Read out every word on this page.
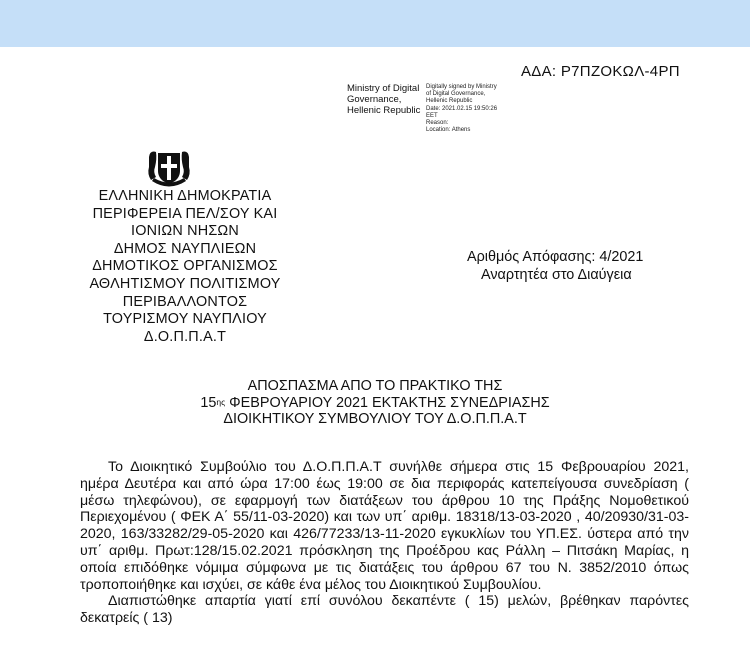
ΑΔΑ: Ρ7ΠΖΟΚΩΛ-4ΡΠ
Ministry of Digital
Governance,
Hellenic Republic
Digitally signed by Ministry
of Digital Governance,
Hellenic Republic
Date: 2021.02.15 19:50:26
EET
Reason:
Location: Athens
ΕΛΛΗΝΙΚΗ ΔΗΜΟΚΡΑΤΙΑ
ΠΕΡΙΦΕΡΕΙΑ ΠΕΛ/ΣΟΥ ΚΑΙ
ΙΟΝΙΩΝ ΝΗΣΩΝ
ΔΗΜΟΣ ΝΑΥΠΛΙΕΩΝ
ΔΗΜΟΤΙΚΟΣ ΟΡΓΑΝΙΣΜΟΣ
ΑΘΛΗΤΙΣΜΟΥ ΠΟΛΙΤΙΣΜΟΥ
ΠΕΡΙΒΑΛΛΟΝΤΟΣ
ΤΟΥΡΙΣΜΟΥ ΝΑΥΠΛΙΟΥ
Δ.Ο.Π.Π.Α.Τ
Αριθμός Απόφασης: 4/2021
Αναρτητέα στο Διαύγεια
ΑΠΟΣΠΑΣΜΑ ΑΠΟ ΤΟ ΠΡΑΚΤΙΚΟ ΤΗΣ
$15^{\eta\varsigma}$ ΦΕΒΡΟΥΑΡΙΟΥ 2021 ΕΚΤΑΚΤΗΣ ΣΥΝΕΔΡΙΑΣΗΣ
ΔΙΟΙΚΗΤΙΚΟΥ ΣΥΜΒΟΥΛΙΟΥ ΤΟΥ Δ.Ο.Π.Π.Α.Τ

Το Διοικητικό Συμβούλιο του Δ.Ο.Π.Π.Α.Τ συνήλθε σήμερα στις 15 Φεβρουαρίου 2021, ημέρα Δευτέρα και από ώρα 17:00 έως 19:00 σε δια περιφοράς κατεπείγουσα συνεδρίαση ( μέσω τηλεφώνου), σε εφαρμογή των διατάξεων του άρθρου 10 της Πράξης Νομοθετικού Περιεχομένου ( ΦΕΚ Α΄ 55/11-03-2020) και των υπ΄ αριθμ. 18318/13-03-2020 , 40/20930/31-03-2020, 163/33282/29-05-2020 και 426/77233/13-11-2020 εγκυκλίων του ΥΠ.ΕΣ. ύστερα από την υπ΄ αριθμ. Πρωτ:128/15.02.2021 πρόσκληση της Προέδρου κας Ράλλη – Πιτσάκη Μαρίας, η οποία επιδόθηκε νόμιμα σύμφωνα με τις διατάξεις του άρθρου 67 του Ν. 3852/2010 όπως τροποποιήθηκε και ισχύει, σε κάθε ένα μέλος του Διοικητικού Συμβουλίου.

Διαπιστώθηκε απαρτία γιατί επί συνόλου δεκαπέντε ( 15) μελών, βρέθηκαν παρόντες δεκατρείς ( 13)
